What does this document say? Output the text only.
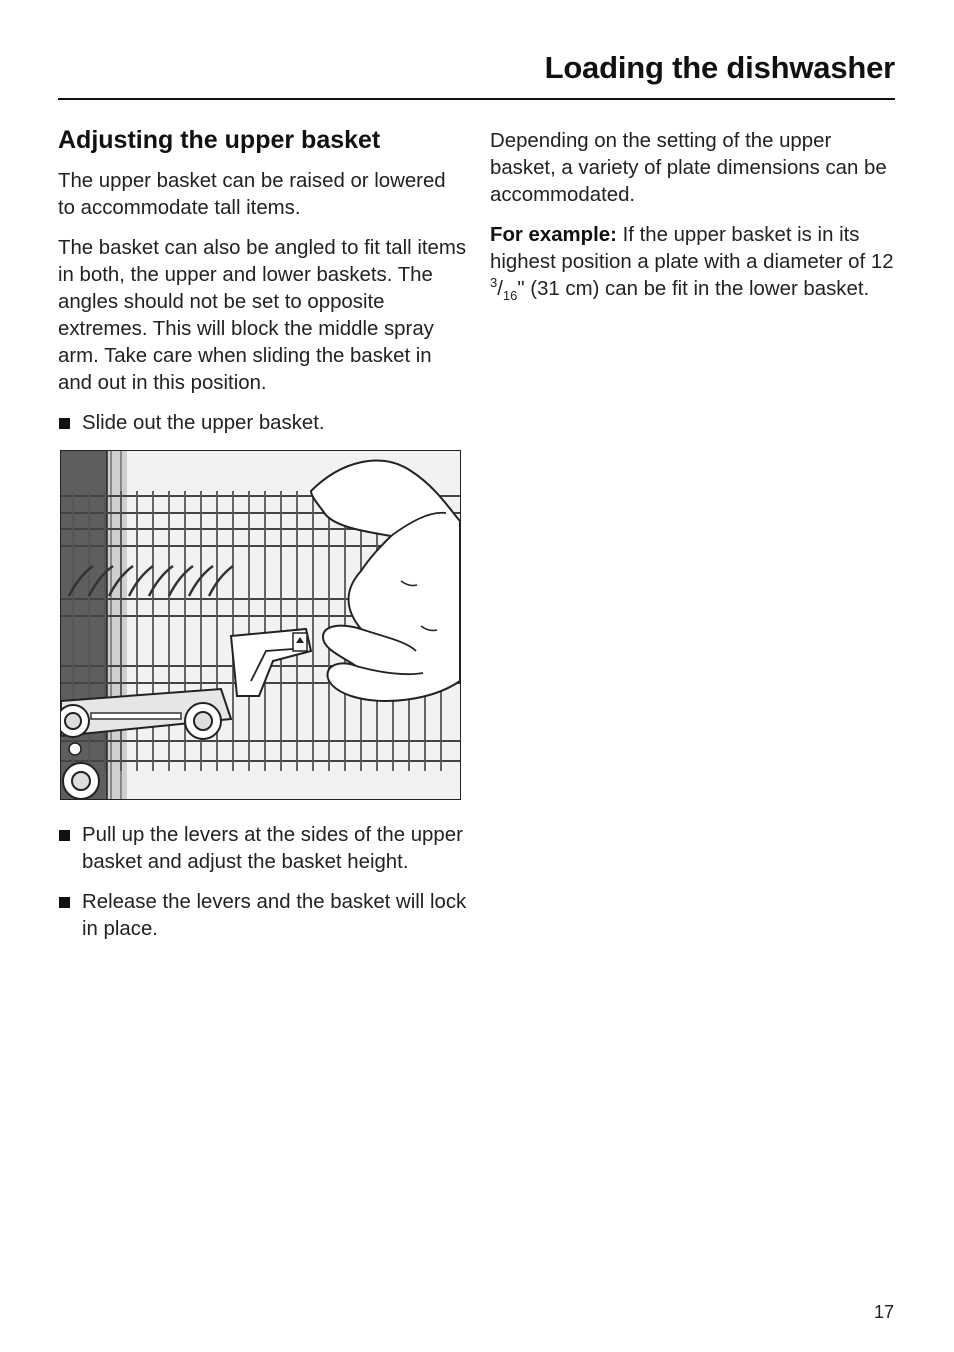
Loading the dishwasher
Adjusting the upper basket

The upper basket can be raised or lowered to accommodate tall items.

The basket can also be angled to fit tall items in both, the upper and lower baskets. The angles should not be set to opposite extremes. This will block the middle spray arm. Take care when sliding the basket in and out in this position.

Slide out the upper basket.
Pull up the levers at the sides of the upper basket and adjust the basket height.
Release the levers and the basket will lock in place.

Depending on the setting of the upper basket, a variety of plate dimensions can be accommodated.

For example: If the upper basket is in its highest position a plate with a diameter of 12 $^3/_{16}$" (31 cm) can be fit in the lower basket.

17
